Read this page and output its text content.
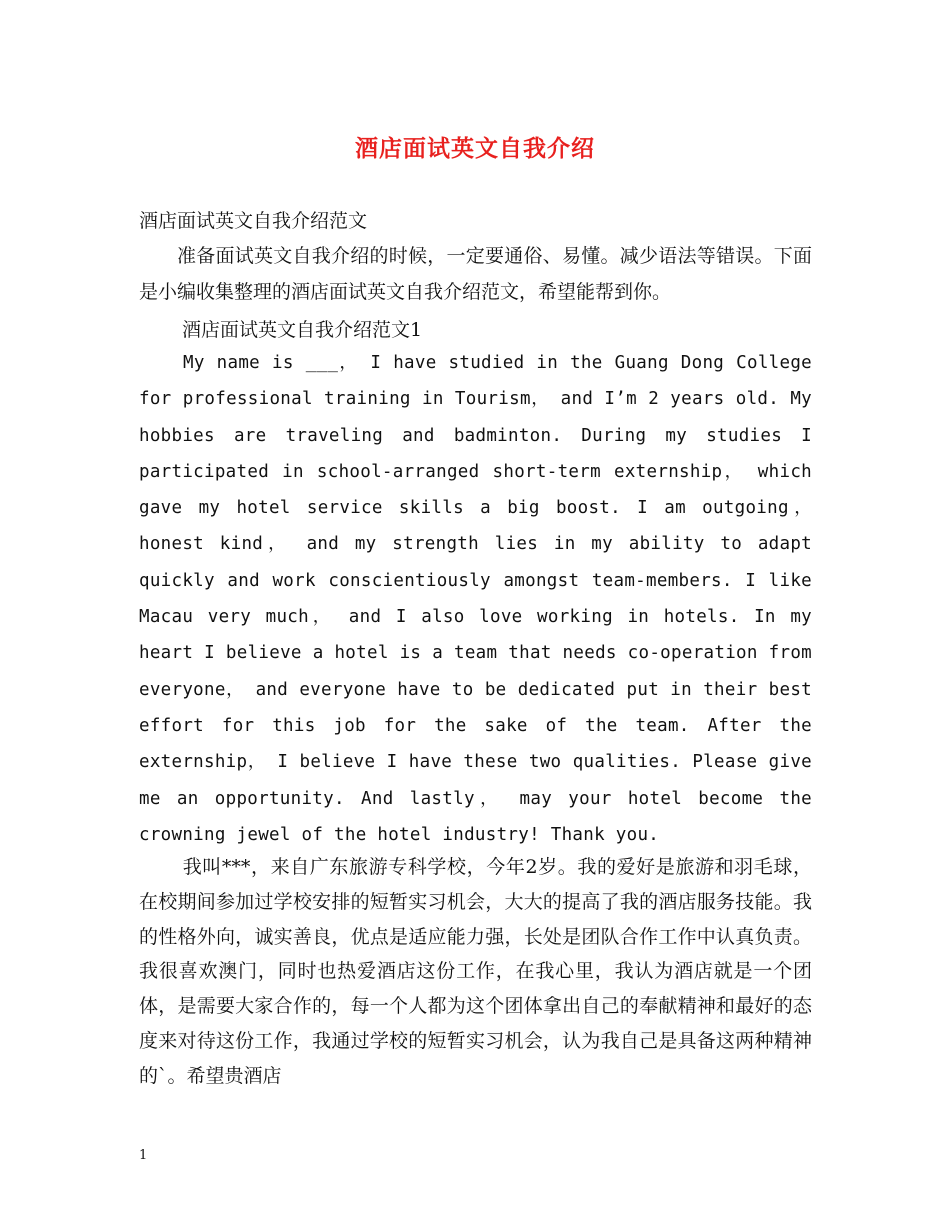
酒店面试英文自我介绍
酒店面试英文自我介绍范文
准备面试英文自我介绍的时候，一定要通俗、易懂。减少语法等错误。下面是小编收集整理的酒店面试英文自我介绍范文，希望能帮到你。
酒店面试英文自我介绍范文1
My name is ___， I have studied in the Guang Dong College for professional training in Tourism， and I’m 2 years old. My hobbies are traveling and badminton. During my studies I participated in school-arranged short-term externship， which gave my hotel service skills a big boost. I am outgoing， honest kind， and my strength lies in my ability to adapt quickly and work conscientiously amongst team-members. I like Macau very much， and I also love working in hotels. In my heart I believe a hotel is a team that needs co-operation from everyone， and everyone have to be dedicated put in their best effort for this job for the sake of the team. After the externship， I believe I have these two qualities. Please give me an opportunity. And lastly， may your hotel become the crowning jewel of the hotel industry! Thank you.
我叫***，来自广东旅游专科学校，今年2岁。我的爱好是旅游和羽毛球，在校期间参加过学校安排的短暂实习机会，大大的提高了我的酒店服务技能。我的性格外向，诚实善良，优点是适应能力强，长处是团队合作工作中认真负责。我很喜欢澳门，同时也热爱酒店这份工作，在我心里，我认为酒店就是一个团体，是需要大家合作的，每一个人都为这个团体拿出自己的奉献精神和最好的态度来对待这份工作，我通过学校的短暂实习机会，认为我自己是具备这两种精神的`。希望贵酒店
1
